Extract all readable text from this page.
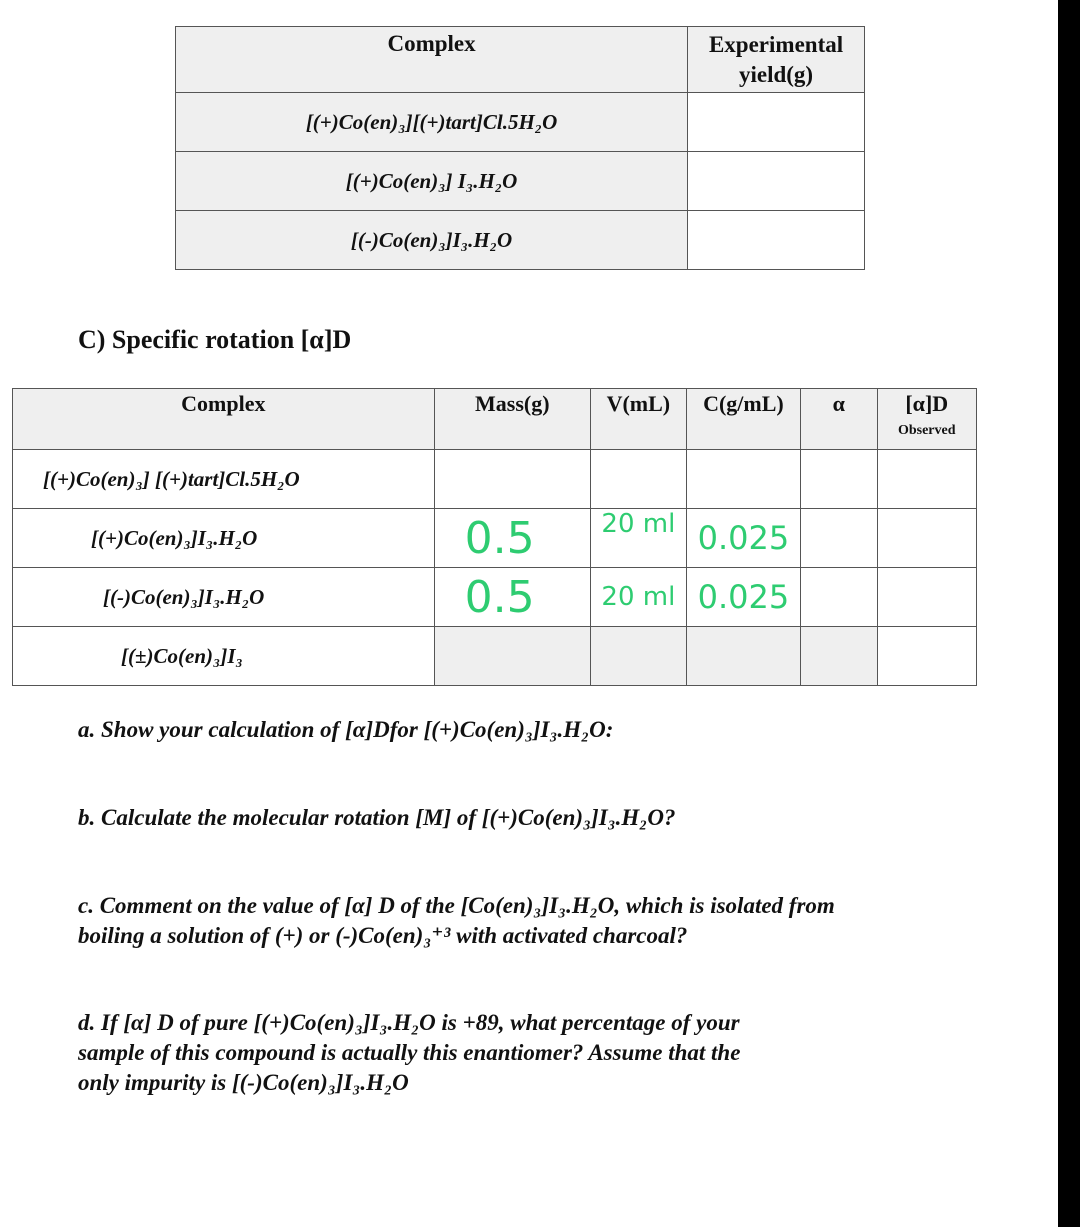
Complex	Experimental
yield(g)
[(+)Co(en)₃][(+)tart]Cl.5H₂O	
[(+)Co(en)₃] I₃.H₂O	
[(-)Co(en)₃]I₃.H₂O	
C) Specific rotation [α]D
Complex	Mass(g)	V(mL)	C(g/mL)	α	[α]D
Observed

[(+)Co(en)₃] [(+)tart]Cl.5H₂O					
[(+)Co(en)₃]I₃.H₂O	0.5	20 ml	0.025		
[(-)Co(en)₃]I₃.H₂O	0.5	20 ml	0.025		
[(±)Co(en)₃]I₃					
a. Show your calculation of [α]Dfor [(+)Co(en)₃]I₃.H₂O:
b. Calculate the molecular rotation [M] of [(+)Co(en)₃]I₃.H₂O?
c. Comment on the value of [α] D of the [Co(en)₃]I₃.H₂O, which is isolated from
boiling a solution of (+) or (-)Co(en)₃⁺³ with activated charcoal?
d. If [α] D of pure [(+)Co(en)₃]I₃.H₂O is +89, what percentage of your
sample of this compound is actually this enantiomer? Assume that the
only impurity is [(-)Co(en)₃]I₃.H₂O
